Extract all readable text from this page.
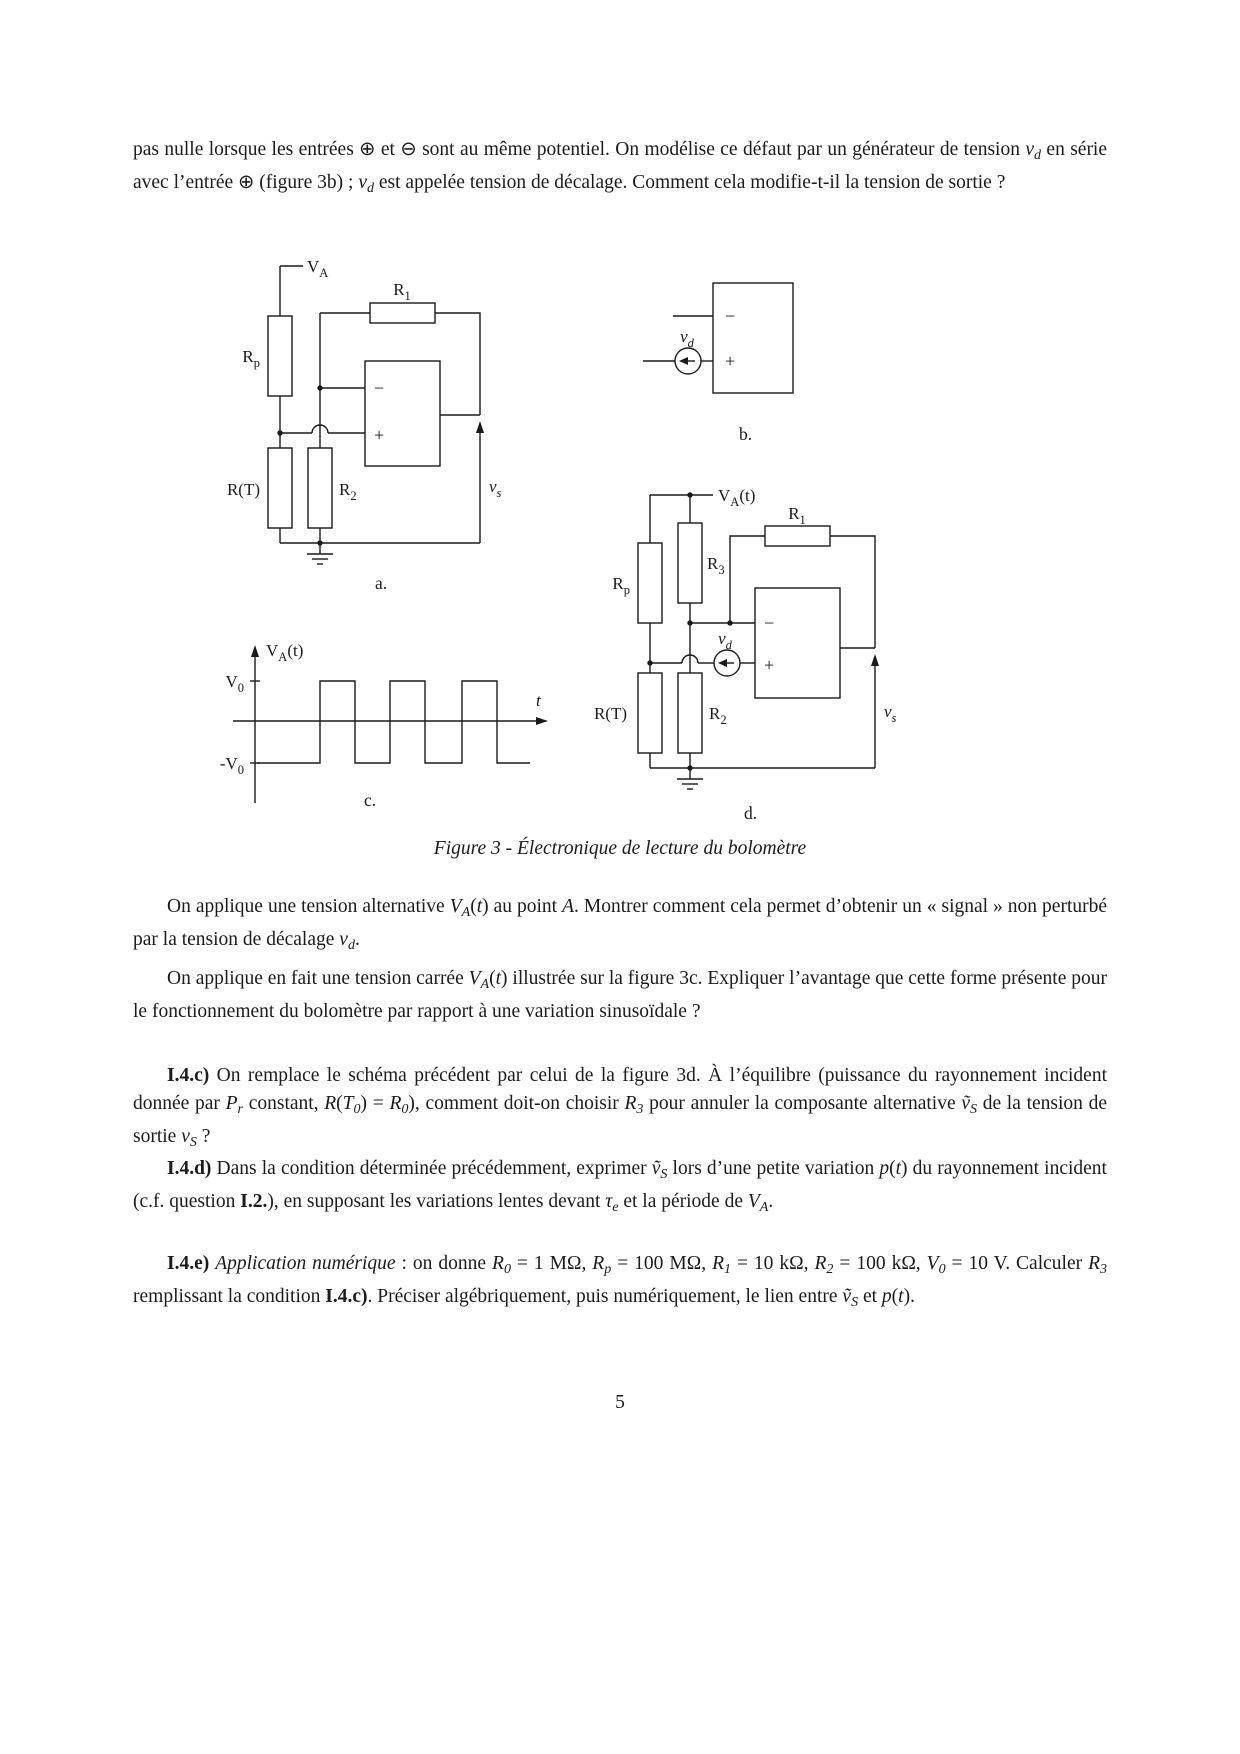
pas nulle lorsque les entrées ⊕ et ⊖ sont au même potentiel. On modélise ce défaut par un générateur de tension $v_d$ en série avec l’entrée ⊕ (figure 3b) ; $v_d$ est appelée tension de décalage. Comment cela modifie-t-il la tension de sortie ?
$V_A$
$R_p$
R(T)	$R_2$
$R_1$
−
+
$v_s$
a.
−
+
$v_d$
b.
$V_A(t)$
t
$V_0$
$-V_0$
c.
$V_A(t)$
$R_p$
R(T)
$R_3$
$R_2$
$R_1$
−
+
$v_d$
$v_s$
d.
Figure 3 - Électronique de lecture du bolomètre
On applique une tension alternative $V_A(t)$ au point A. Montrer comment cela permet d’obtenir un « signal » non perturbé par la tension de décalage $v_d$.
On applique en fait une tension carrée $V_A(t)$ illustrée sur la figure 3c. Expliquer l’avantage que cette forme présente pour le fonctionnement du bolomètre par rapport à une variation sinusoïdale ?
I.4.c) On remplace le schéma précédent par celui de la figure 3d. À l’équilibre (puissance du rayonnement incident donnée par $P_r$ constant, $R(T_0) = R_0$), comment doit-on choisir $R_3$ pour annuler la composante alternative ṽ$_S$ de la tension de sortie $v_S$ ?
I.4.d) Dans la condition déterminée précédemment, exprimer ṽ$_S$ lors d’une petite variation p(t) du rayonnement incident (c.f. question I.2.), en supposant les variations lentes devant $\tau_e$ et la période de $V_A$.
I.4.e) Application numérique : on donne $R_0 = 1$ MΩ, $R_p = 100$ MΩ, $R_1 = 10$ kΩ, $R_2 = 100$ kΩ, $V_0 = 10$ V. Calculer $R_3$ remplissant la condition I.4.c). Préciser algébriquement, puis numériquement, le lien entre ṽ$_S$ et p(t).
5
